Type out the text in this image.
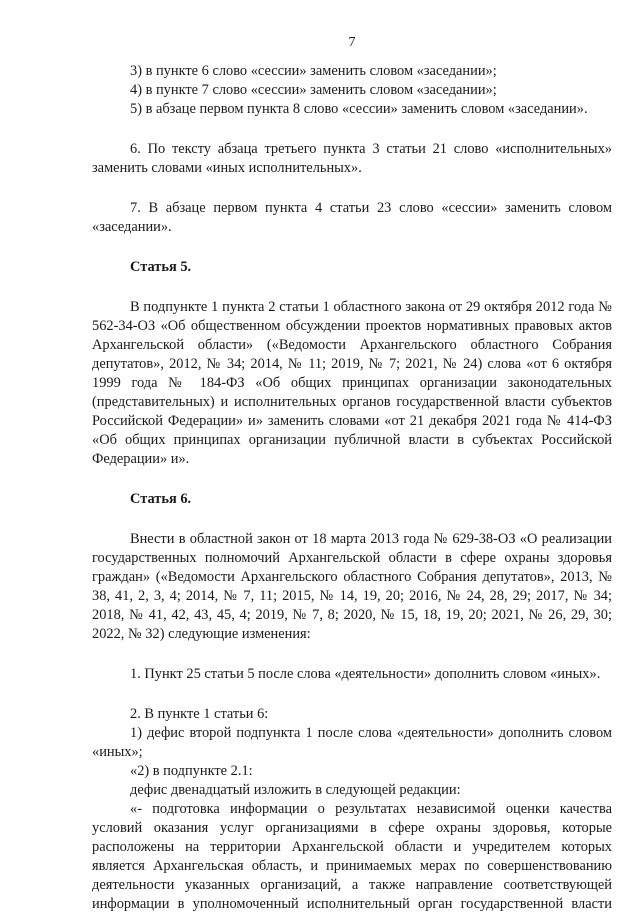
7

3) в пункте 6 слово «сессии» заменить словом «заседании»;

4) в пункте 7 слово «сессии» заменить словом «заседании»;

5) в абзаце первом пункта 8 слово «сессии» заменить словом «заседании».

6. По тексту абзаца третьего пункта 3 статьи 21 слово «исполнительных» заменить словами «иных исполнительных».

7. В абзаце первом пункта 4 статьи 23 слово «сессии» заменить словом «заседании».

Статья 5.

В подпункте 1 пункта 2 статьи 1 областного закона от 29 октября 2012 года № 562-34-ОЗ «Об общественном обсуждении проектов нормативных правовых актов Архангельской области» («Ведомости Архангельского областного Собрания депутатов», 2012, № 34; 2014, № 11; 2019, № 7; 2021, № 24) слова «от 6 октября 1999 года № 184-ФЗ «Об общих принципах организации законодательных (представительных) и исполнительных органов государственной власти субъектов Российской Федерации» и» заменить словами «от 21 декабря 2021 года № 414-ФЗ «Об общих принципах организации публичной власти в субъектах Российской Федерации» и».

Статья 6.

Внести в областной закон от 18 марта 2013 года № 629-38-ОЗ «О реализации государственных полномочий Архангельской области в сфере охраны здоровья граждан» («Ведомости Архангельского областного Собрания депутатов», 2013, № 38, 41, 2, 3, 4; 2014, № 7, 11; 2015, № 14, 19, 20; 2016, № 24, 28, 29; 2017, № 34; 2018, № 41, 42, 43, 45, 4; 2019, № 7, 8; 2020, № 15, 18, 19, 20; 2021, № 26, 29, 30; 2022, № 32) следующие изменения:

1. Пункт 25 статьи 5 после слова «деятельности» дополнить словом «иных».

2. В пункте 1 статьи 6:

1) дефис второй подпункта 1 после слова «деятельности» дополнить словом «иных»;

«2) в подпункте 2.1:

дефис двенадцатый изложить в следующей редакции:

«- подготовка информации о результатах независимой оценки качества условий оказания услуг организациями в сфере охраны здоровья, которые расположены на территории Архангельской области и учредителем которых является Архангельская область, и принимаемых мерах по совершенствованию деятельности указанных организаций, а также направление соответствующей информации в уполномоченный исполнительный орган государственной власти
